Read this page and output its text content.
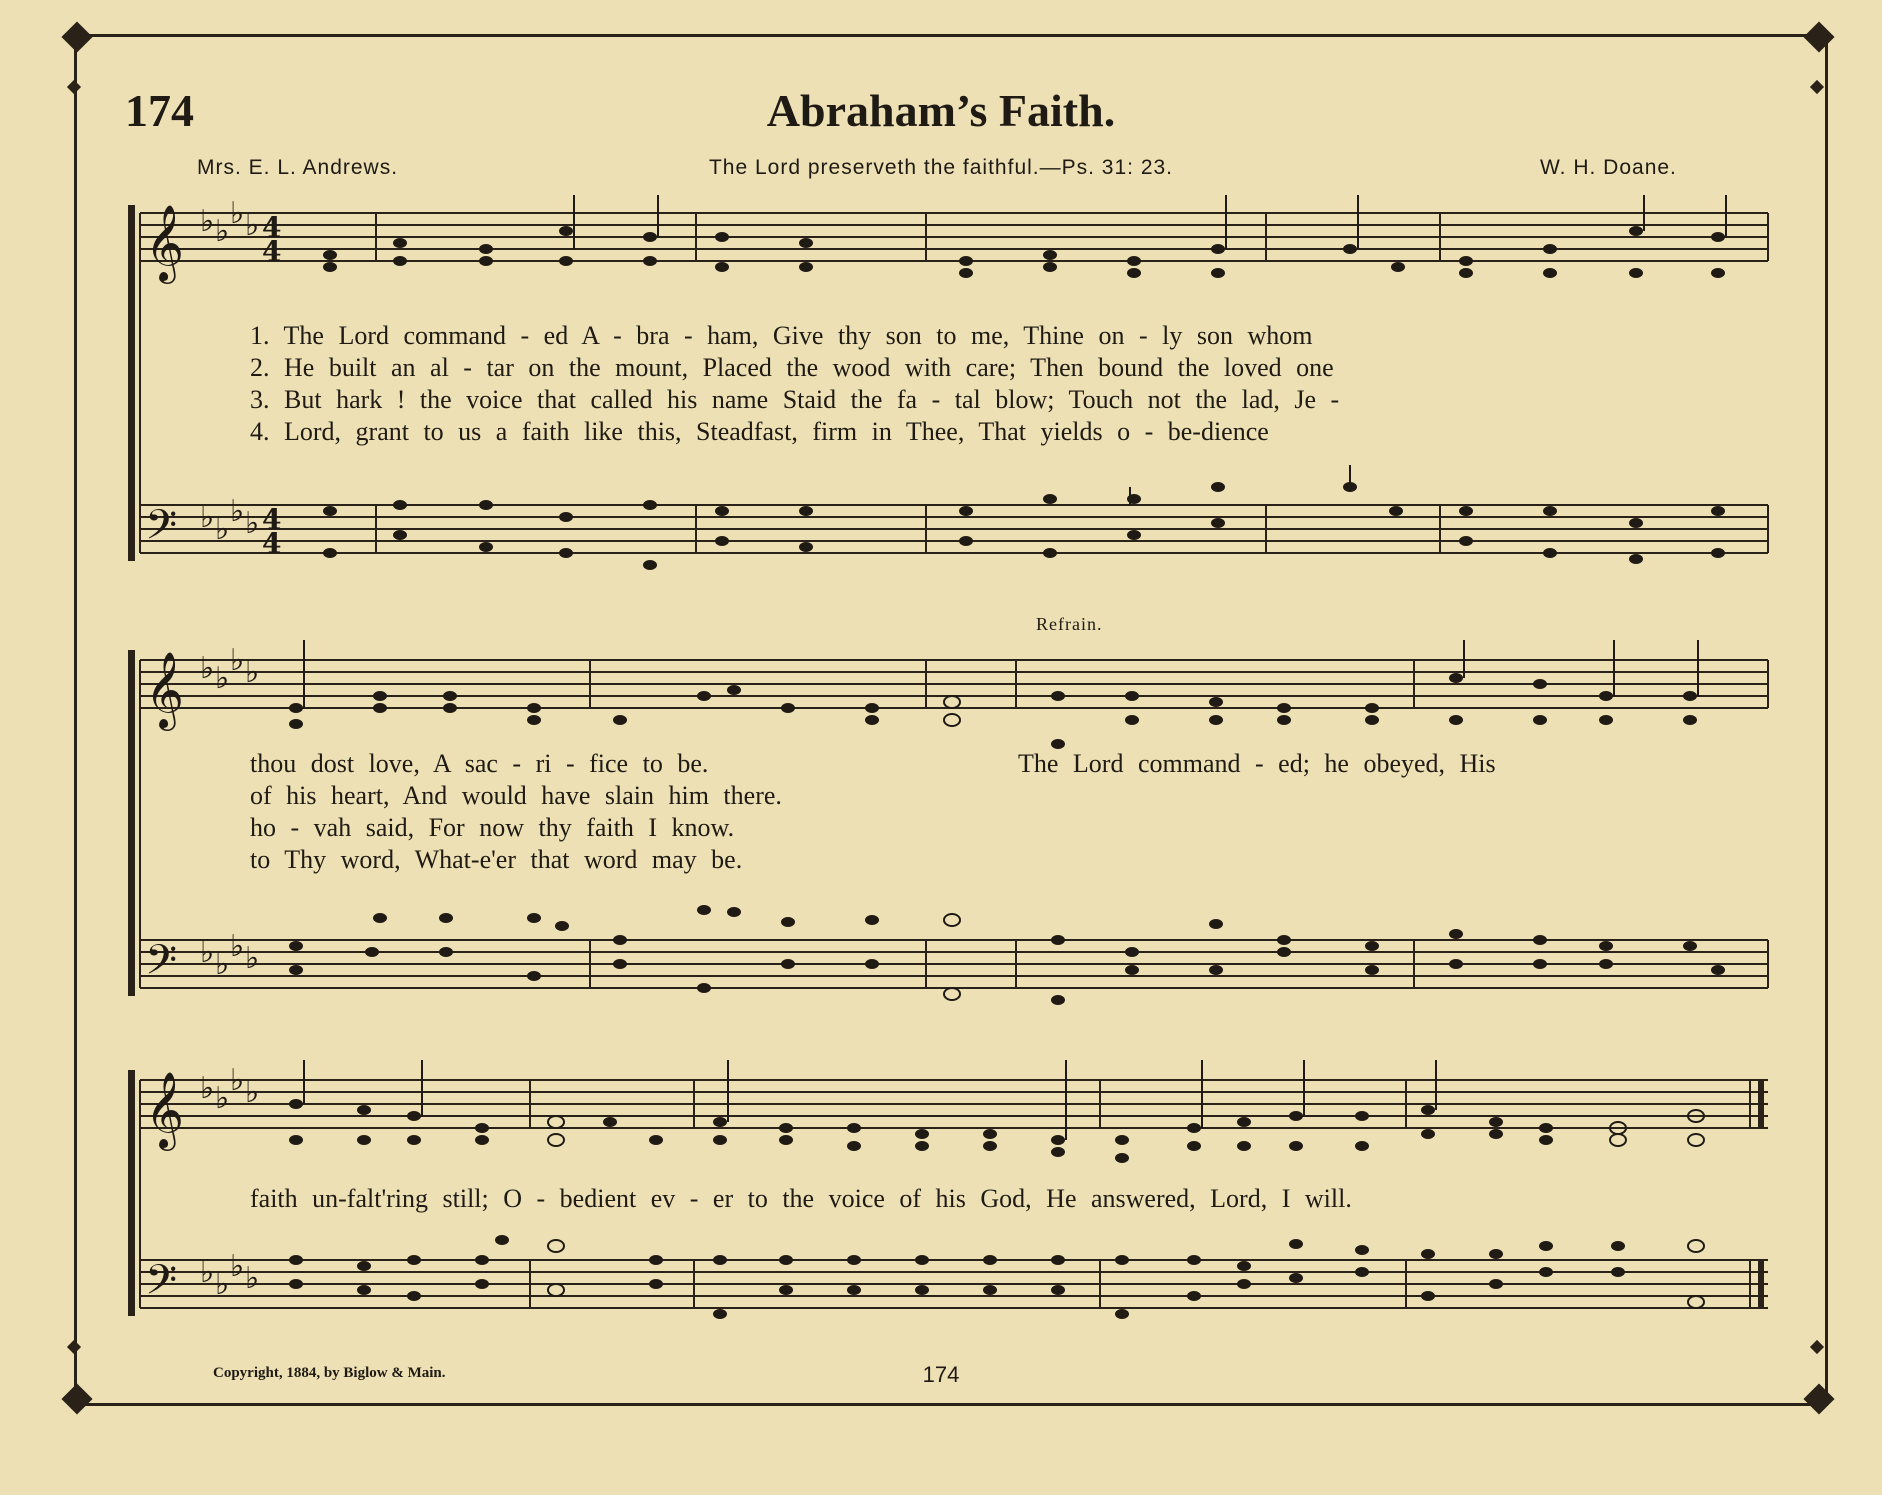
174	Abraham’s Faith.
Mrs. E. L. Andrews.	The Lord preserveth the faithful.—Ps. 31: 23.	W. H. Doane.
𝄞
𝄢
♭ ♭
♭ ♭
♭ ♭
♭ ♭
4
4
4
4
1. The Lord command - ed A - bra - ham, Give thy son to me, Thine on - ly son whom
2. He built an al - tar on the mount, Placed the wood with care; Then bound the loved one
3. But hark ! the voice that called his name Staid the fa - tal blow; Touch not the lad, Je -
4. Lord, grant to us a faith like this, Steadfast, firm in Thee, That yields o - be-dience
Refrain.
𝄞
𝄢
♭ ♭
♭ ♭
♭ ♭
♭ ♭
thou dost love, A sac - ri - fice to be.
of his heart, And would have slain him there.
ho - vah said, For now thy faith I know.
to Thy word, What-e'er that word may be.
The Lord command - ed; he obeyed, His
𝄞
𝄢
♭ ♭
♭ ♭
♭ ♭
♭ ♭
faith un-falt'ring still; O - bedient ev - er to the voice of his God, He answered, Lord, I will.
Copyright, 1884, by Biglow & Main.	174
